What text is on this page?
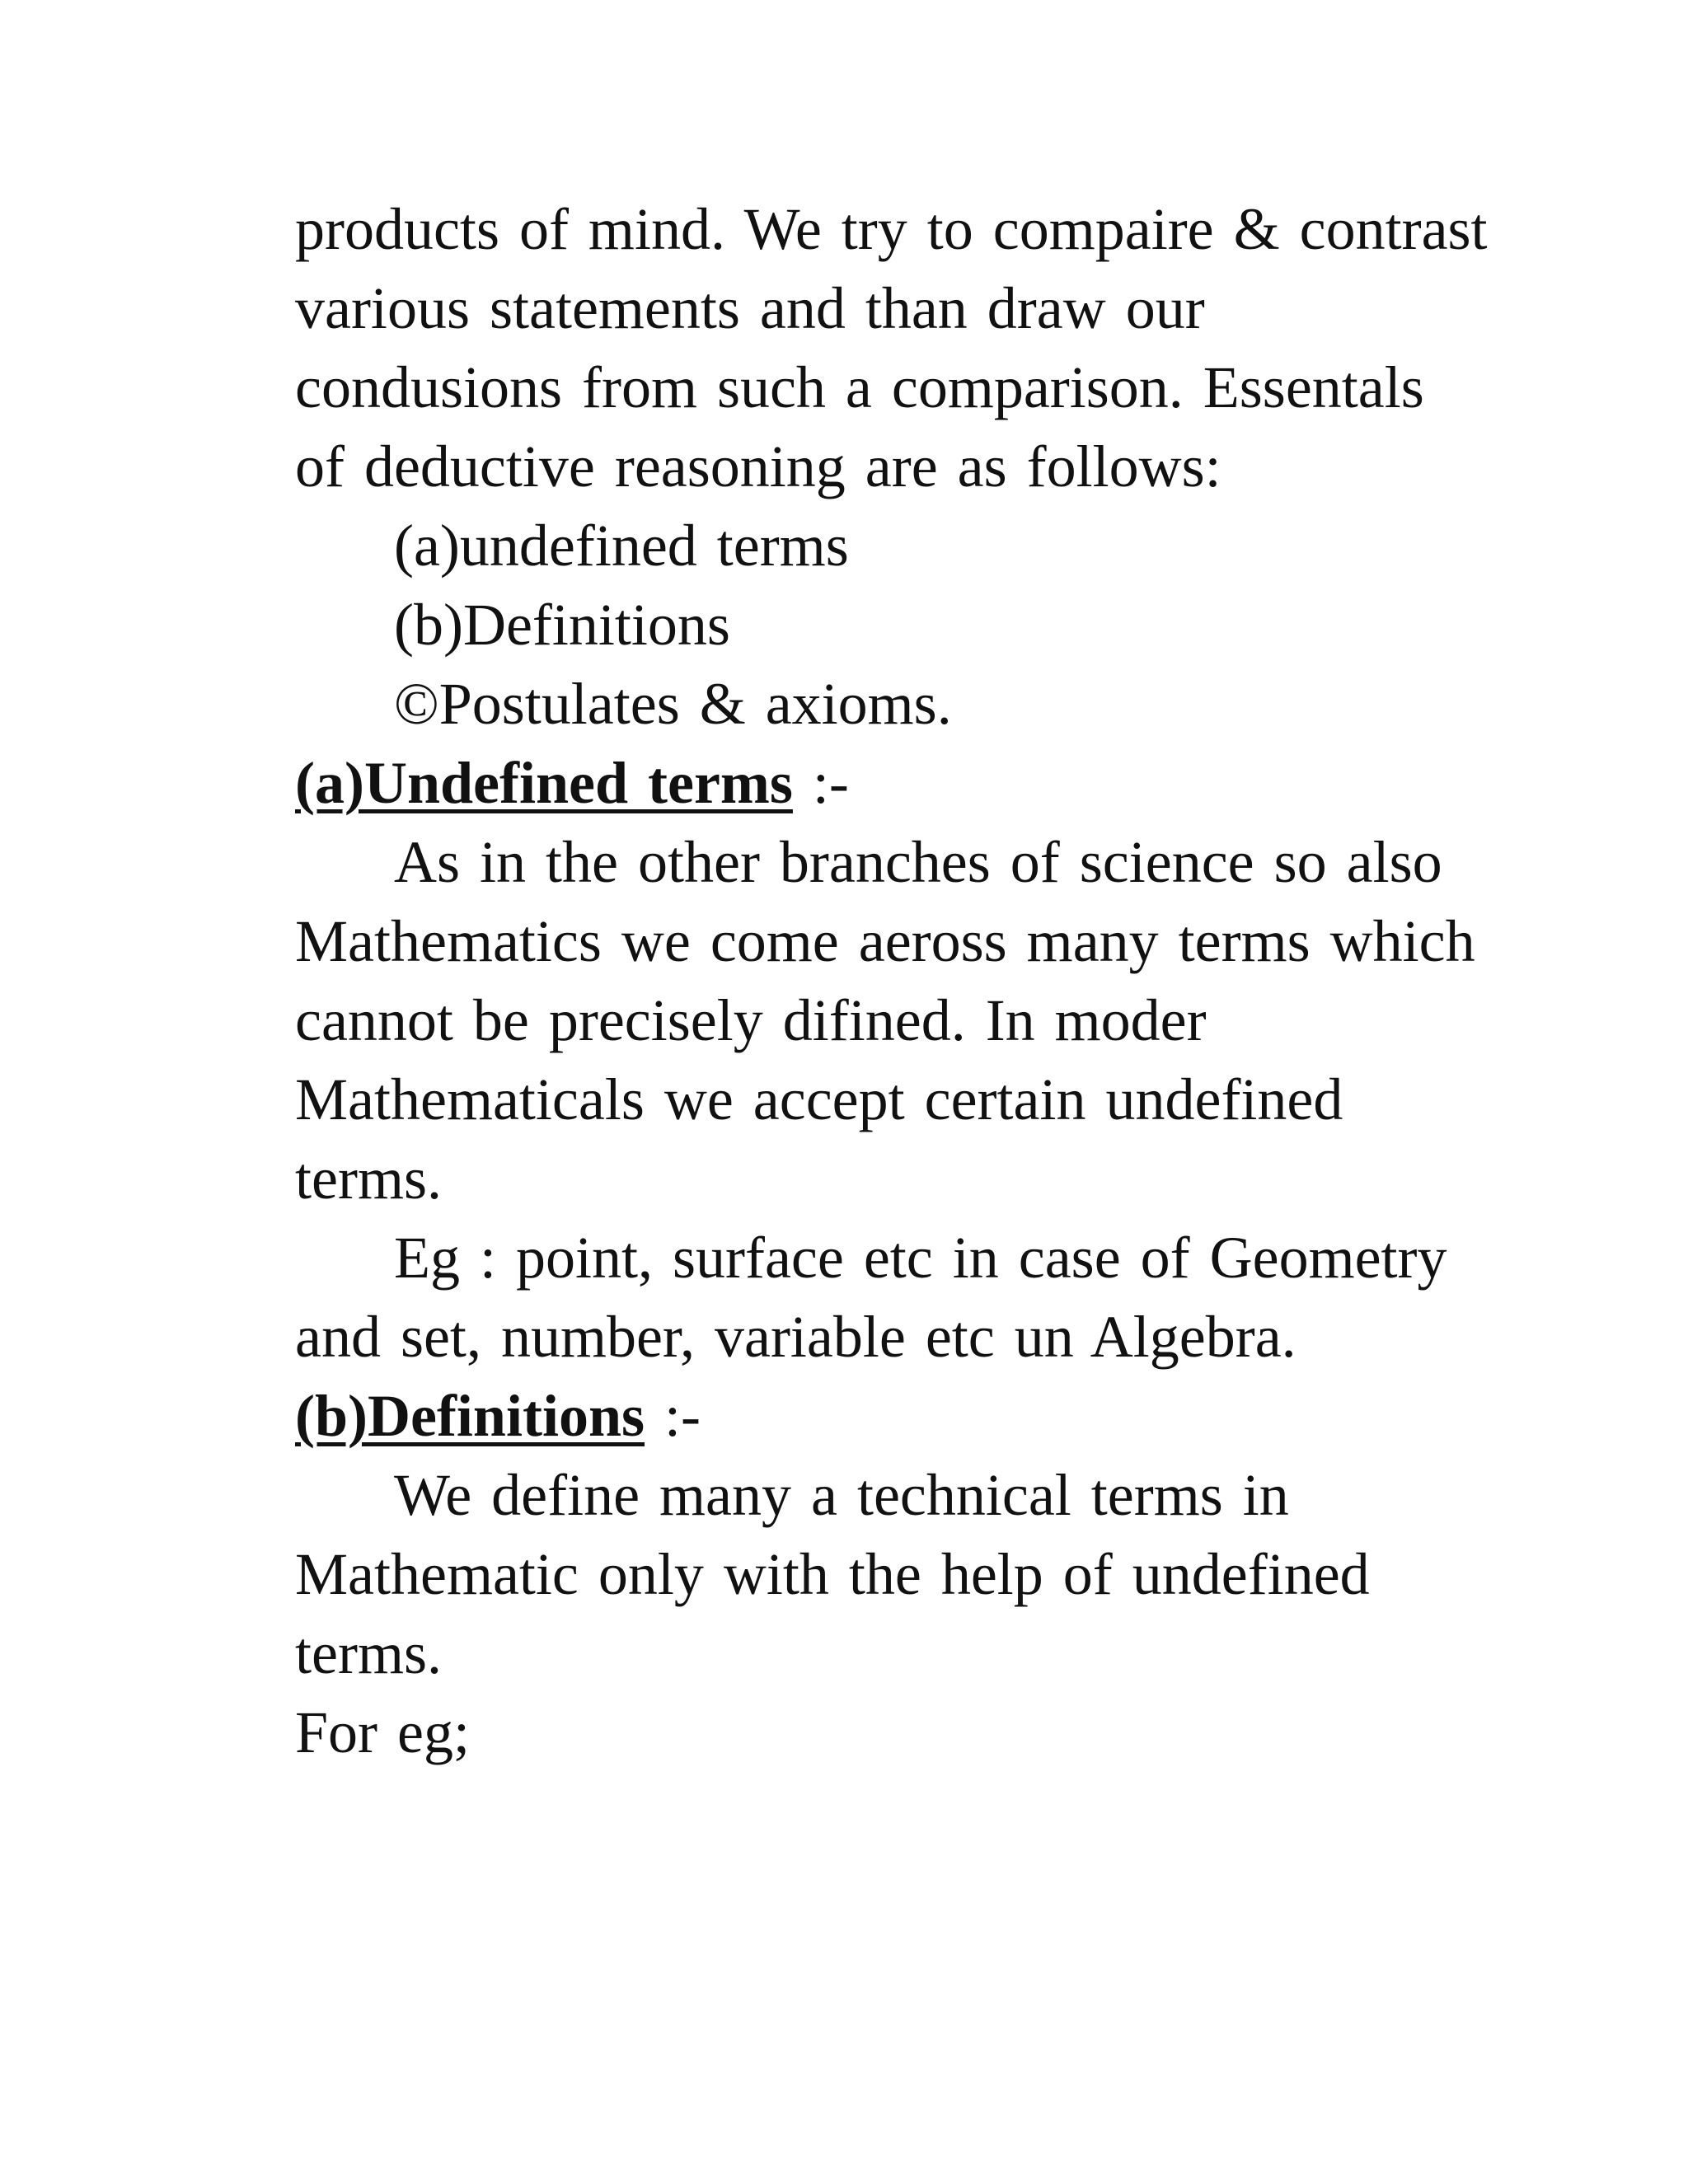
products of mind. We try to compaire & contrast
various statements and than draw our
condusions from such a comparison. Essentals
of deductive reasoning are as follows:
(a)undefined terms
(b)Definitions
©Postulates & axioms.
(a)Undefined terms :-
As in the other branches of science so also
Mathematics we come aeross many terms which
cannot be precisely difined. In moder
Mathematicals we accept certain undefined
terms.
Eg : point, surface etc in case of Geometry
and set, number, variable etc un Algebra.
(b)Definitions :-
We define many a technical terms in
Mathematic only with the help of undefined
terms.
For eg;
